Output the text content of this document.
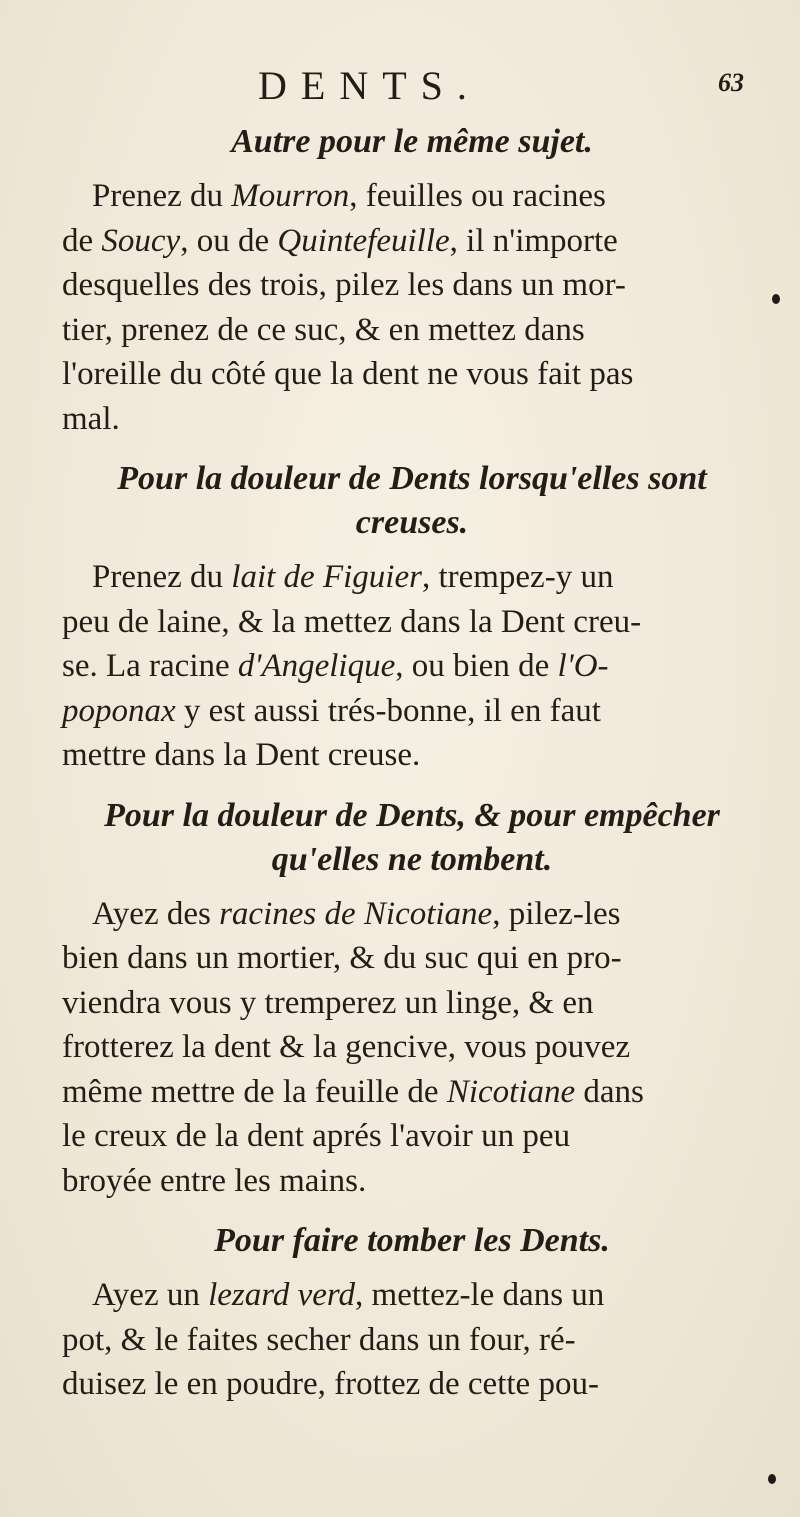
DENTS.	63
Autre pour le même sujet.
Prenez du Mourron, feuilles ou racines
de Soucy, ou de Quintefeuille, il n'importe
desquelles des trois, pilez les dans un mor-
tier, prenez de ce suc, & en mettez dans
l'oreille du côté que la dent ne vous fait pas
mal.
Pour la douleur de Dents lorsqu'elles sont
creuses.
Prenez du lait de Figuier, trempez-y un
peu de laine, & la mettez dans la Dent creu-
se. La racine d'Angelique, ou bien de l'O-
poponax y est aussi trés-bonne, il en faut
mettre dans la Dent creuse.
Pour la douleur de Dents, & pour empêcher
qu'elles ne tombent.
Ayez des racines de Nicotiane, pilez-les
bien dans un mortier, & du suc qui en pro-
viendra vous y tremperez un linge, & en
frotterez la dent & la gencive, vous pouvez
même mettre de la feuille de Nicotiane dans
le creux de la dent aprés l'avoir un peu
broyée entre les mains.
Pour faire tomber les Dents.
Ayez un lezard verd, mettez-le dans un
pot, & le faites secher dans un four, ré-
duisez le en poudre, frottez de cette pou-
